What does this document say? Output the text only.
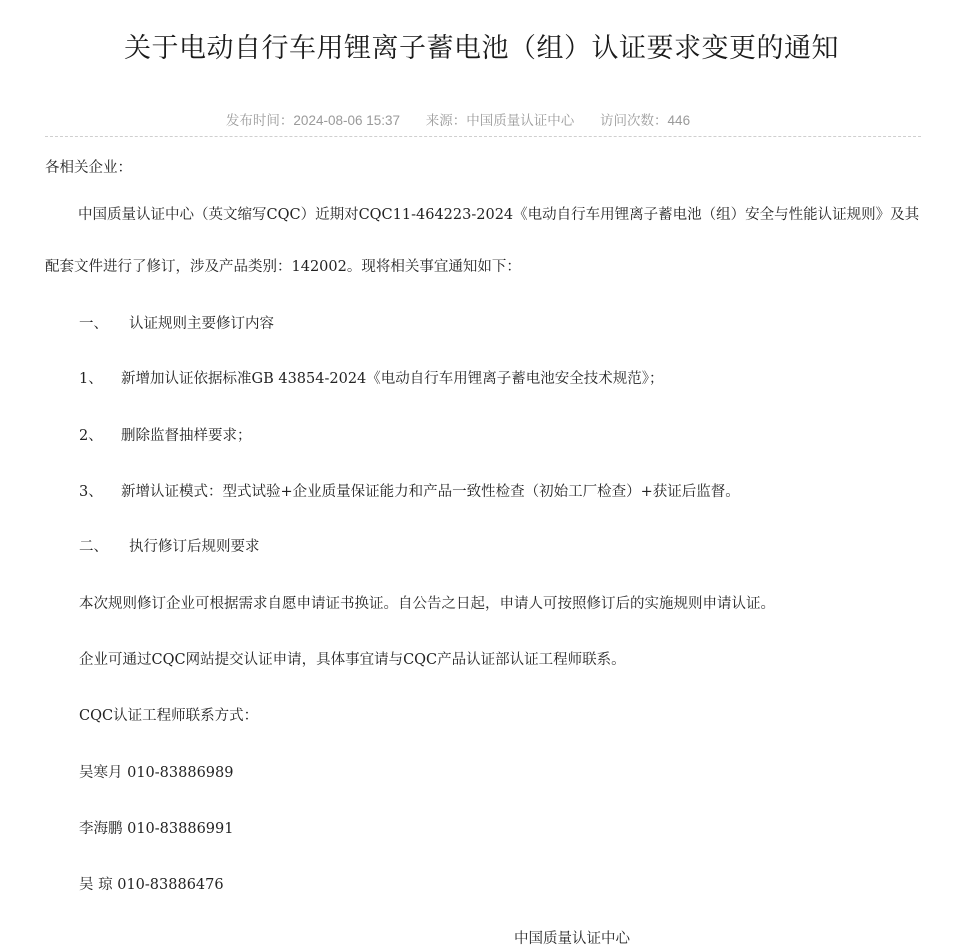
关于电动自行车用锂离子蓄电池（组）认证要求变更的通知
发布时间：2024-08-06 15:37 来源：中国质量认证中心 访问次数：446
各相关企业：
中国质量认证中心（英文缩写CQC）近期对CQC11-464223-2024《电动自行车用锂离子蓄电池（组）安全与性能认证规则》及其配套文件进行了修订，涉及产品类别：142002。现将相关事宜通知如下：
一、 认证规则主要修订内容
1、 新增加认证依据标准GB 43854-2024《电动自行车用锂离子蓄电池安全技术规范》；
2、 删除监督抽样要求；
3、 新增认证模式：型式试验+企业质量保证能力和产品一致性检查（初始工厂检查）+获证后监督。
二、 执行修订后规则要求
本次规则修订企业可根据需求自愿申请证书换证。自公告之日起，申请人可按照修订后的实施规则申请认证。
企业可通过CQC网站提交认证申请，具体事宜请与CQC产品认证部认证工程师联系。
CQC认证工程师联系方式：
吴寒月 010-83886989
李海鹏 010-83886991
吴 琼 010-83886476
中国质量认证中心
